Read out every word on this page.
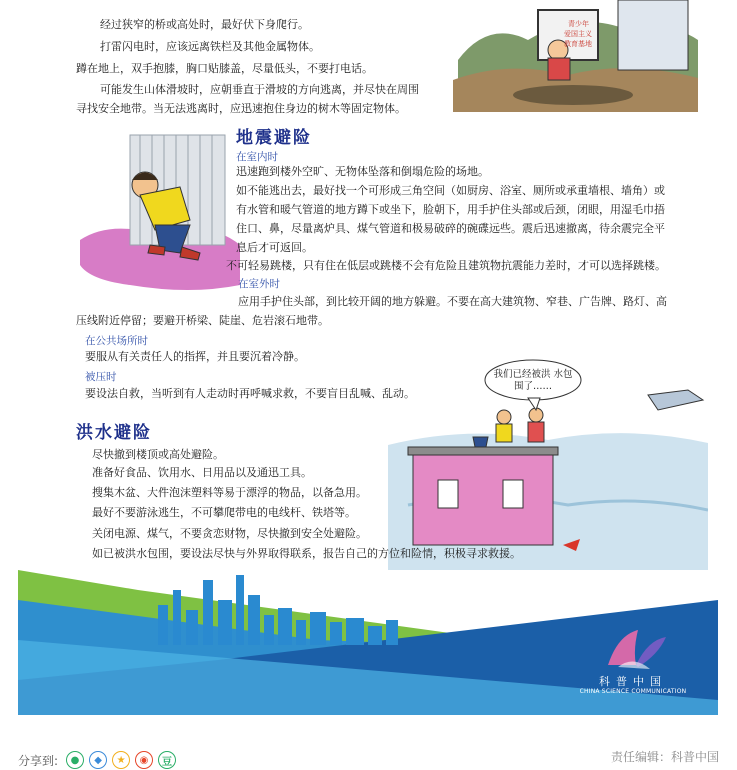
青少年
爱国主义
教育基地
经过狭窄的桥或高处时，最好伏下身爬行。
打雷闪电时，应该远离铁栏及其他金属物体。
蹲在地上，双手抱膝，胸口贴膝盖，尽量低头，不要打电话。
可能发生山体滑坡时，应朝垂直于滑坡的方向逃离，并尽快在周围
寻找安全地带。当无法逃离时，应迅速抱住身边的树木等固定物体。
地震避险
在室内时
迅速跑到楼外空旷、无物体坠落和倒塌危险的场地。
如不能逃出去，最好找一个可形成三角空间（如厨房、浴室、厕所或承重墙根、墙角）或
有水管和暖气管道的地方蹲下或坐下，脸朝下，用手护住头部或后颈，闭眼，用湿毛巾捂
住口、鼻，尽量离炉具、煤气管道和极易破碎的碗碟远些。震后迅速撤离，待余震完全平
息后才可返回。
不可轻易跳楼，只有住在低层或跳楼不会有危险且建筑物抗震能力差时，才可以选择跳楼。
在室外时
应用手护住头部，到比较开阔的地方躲避。不要在高大建筑物、窄巷、广告牌、路灯、高
压线附近停留；要避开桥梁、陡崖、危岩滚石地带。
在公共场所时
要服从有关责任人的指挥，并且要沉着冷静。
被压时
要设法自救，当听到有人走动时再呼喊求救，不要盲目乱喊、乱动。
我们已经被洪 水包围了……
洪水避险
尽快撤到楼顶或高处避险。
准备好食品、饮用水、日用品以及通迅工具。
搜集木盆、大件泡沫塑料等易于漂浮的物品，以备急用。
最好不要游泳逃生，不可攀爬带电的电线杆、铁塔等。
关闭电源、煤气，不要贪恋财物，尽快撤到安全处避险。
如已被洪水包围，要设法尽快与外界取得联系，报告自己的方位和险情，积极寻求救援。
科普中国
CHINA SCIENCE COMMUNICATION
分享到:	●	◆	★	◉	豆	责任编辑：科普中国
